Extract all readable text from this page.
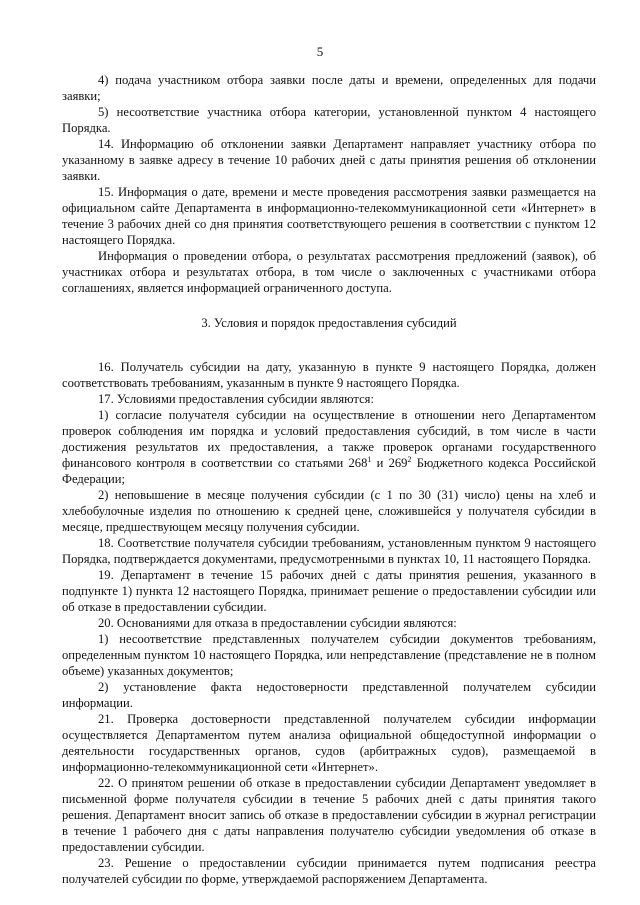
5

4) подача участником отбора заявки после даты и времени, определенных для подачи заявки;

5) несоответствие участника отбора категории, установленной пунктом 4 настоящего Порядка.

14. Информацию об отклонении заявки Департамент направляет участнику отбора по указанному в заявке адресу в течение 10 рабочих дней с даты принятия решения об отклонении заявки.

15. Информация о дате, времени и месте проведения рассмотрения заявки размещается на официальном сайте Департамента в информационно-телекоммуникационной сети «Интернет» в течение 3 рабочих дней со дня принятия соответствующего решения в соответствии с пунктом 12 настоящего Порядка.

Информация о проведении отбора, о результатах рассмотрения предложений (заявок), об участниках отбора и результатах отбора, в том числе о заключенных с участниками отбора соглашениях, является информацией ограниченного доступа.

3. Условия и порядок предоставления субсидий

16. Получатель субсидии на дату, указанную в пункте 9 настоящего Порядка, должен соответствовать требованиям, указанным в пункте 9 настоящего Порядка.

17. Условиями предоставления субсидии являются:

1) согласие получателя субсидии на осуществление в отношении него Департаментом проверок соблюдения им порядка и условий предоставления субсидий, в том числе в части достижения результатов их предоставления, а также проверок органами государственного финансового контроля в соответствии со статьями $268^1$ и $269^2$ Бюджетного кодекса Российской Федерации;

2) неповышение в месяце получения субсидии (с 1 по 30 (31) число) цены на хлеб и хлебобулочные изделия по отношению к средней цене, сложившейся у получателя субсидии в месяце, предшествующем месяцу получения субсидии.

18. Соответствие получателя субсидии требованиям, установленным пунктом 9 настоящего Порядка, подтверждается документами, предусмотренными в пунктах 10, 11 настоящего Порядка.

19. Департамент в течение 15 рабочих дней с даты принятия решения, указанного в подпункте 1) пункта 12 настоящего Порядка, принимает решение о предоставлении субсидии или об отказе в предоставлении субсидии.

20. Основаниями для отказа в предоставлении субсидии являются:

1) несоответствие представленных получателем субсидии документов требованиям, определенным пунктом 10 настоящего Порядка, или непредставление (представление не в полном объеме) указанных документов;

2) установление факта недостоверности представленной получателем субсидии информации.

21. Проверка достоверности представленной получателем субсидии информации осуществляется Департаментом путем анализа официальной общедоступной информации о деятельности государственных органов, судов (арбитражных судов), размещаемой в информационно-телекоммуникационной сети «Интернет».

22. О принятом решении об отказе в предоставлении субсидии Департамент уведомляет в письменной форме получателя субсидии в течение 5 рабочих дней с даты принятия такого решения. Департамент вносит запись об отказе в предоставлении субсидии в журнал регистрации в течение 1 рабочего дня с даты направления получателю субсидии уведомления об отказе в предоставлении субсидии.

23. Решение о предоставлении субсидии принимается путем подписания реестра получателей субсидии по форме, утверждаемой распоряжением Департамента.
